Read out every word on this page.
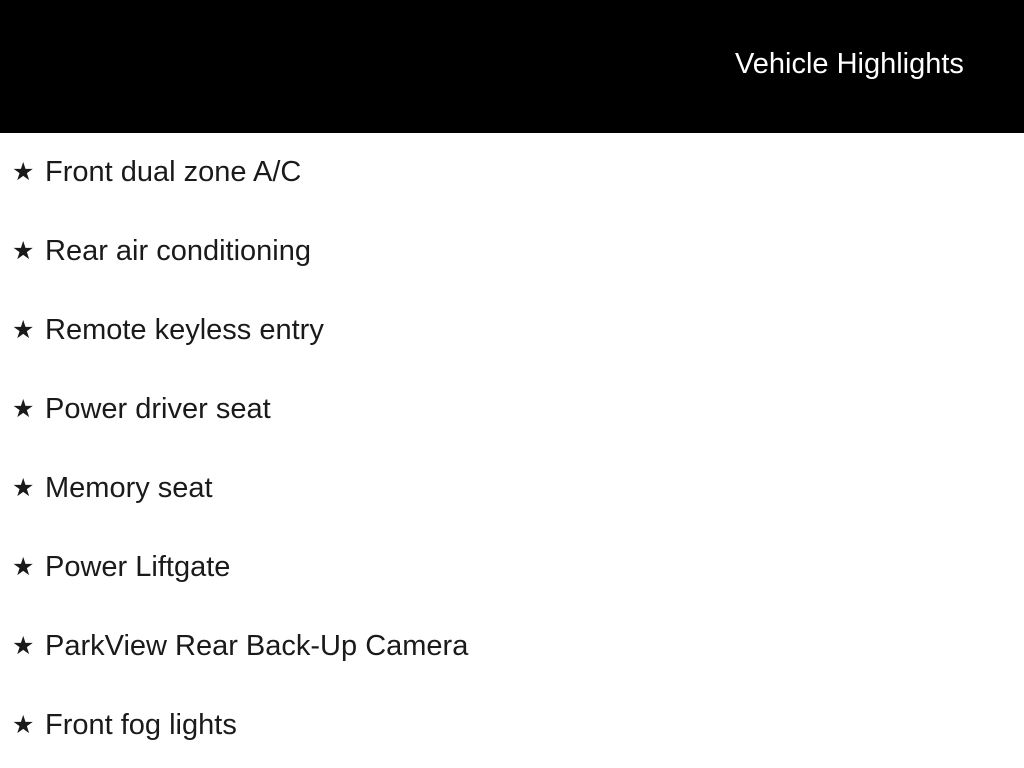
Vehicle Highlights
★ Front dual zone A/C
★ Rear air conditioning
★ Remote keyless entry
★ Power driver seat
★ Memory seat
★ Power Liftgate
★ ParkView Rear Back-Up Camera
★ Front fog lights
